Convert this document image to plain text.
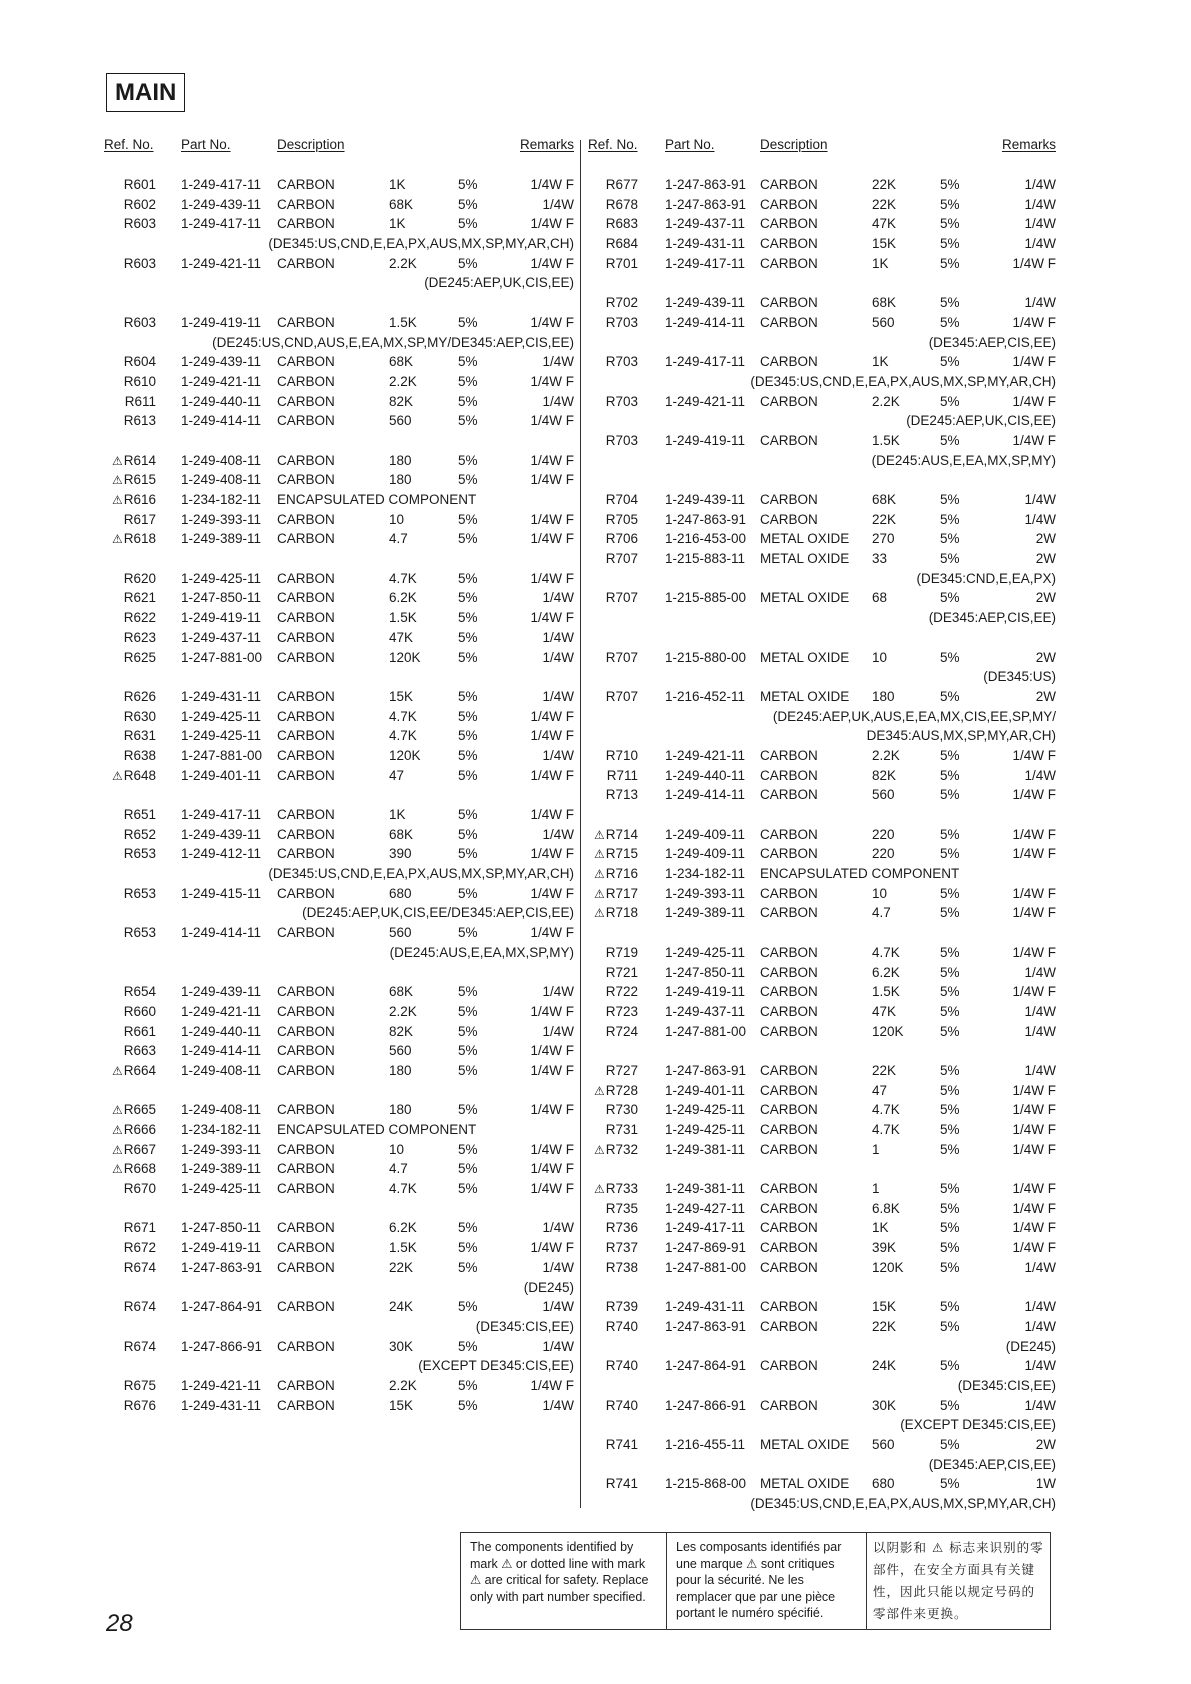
MAIN
Ref. No. Part No.	Description	Remarks
R601 1-249-417-11 CARBON	1K	5%	1/4W F
R602 1-249-439-11 CARBON	68K	5%	1/4W
R603 1-249-417-11 CARBON	1K	5%	1/4W F
(DE345:US,CND,E,EA,PX,AUS,MX,SP,MY,AR,CH)
R603 1-249-421-11 CARBON	2.2K	5%	1/4W F
(DE245:AEP,UK,CIS,EE)
R603 1-249-419-11 CARBON	1.5K	5%	1/4W F
(DE245:US,CND,AUS,E,EA,MX,SP,MY/DE345:AEP,CIS,EE)
R604 1-249-439-11 CARBON	68K	5%	1/4W
R610 1-249-421-11 CARBON	2.2K	5%	1/4W F
R611 1-249-440-11 CARBON	82K	5%	1/4W
R613 1-249-414-11 CARBON	560	5%	1/4W F
⚠R614 1-249-408-11 CARBON	180	5%	1/4W F
⚠R615 1-249-408-11 CARBON	180	5%	1/4W F
⚠R616 1-234-182-11 ENCAPSULATED COMPONENT
R617 1-249-393-11 CARBON	10	5%	1/4W F
⚠R618 1-249-389-11 CARBON	4.7	5%	1/4W F
R620 1-249-425-11 CARBON	4.7K	5%	1/4W F
R621 1-247-850-11 CARBON	6.2K	5%	1/4W
R622 1-249-419-11 CARBON	1.5K	5%	1/4W F
R623 1-249-437-11 CARBON	47K	5%	1/4W
R625 1-247-881-00 CARBON	120K	5%	1/4W
R626 1-249-431-11 CARBON	15K	5%	1/4W
R630 1-249-425-11 CARBON	4.7K	5%	1/4W F
R631 1-249-425-11 CARBON	4.7K	5%	1/4W F
R638 1-247-881-00 CARBON	120K	5%	1/4W
⚠R648 1-249-401-11 CARBON	47	5%	1/4W F
R651 1-249-417-11 CARBON	1K	5%	1/4W F
R652 1-249-439-11 CARBON	68K	5%	1/4W
R653 1-249-412-11 CARBON	390	5%	1/4W F
(DE345:US,CND,E,EA,PX,AUS,MX,SP,MY,AR,CH)
R653 1-249-415-11 CARBON	680	5%	1/4W F
(DE245:AEP,UK,CIS,EE/DE345:AEP,CIS,EE)
R653 1-249-414-11 CARBON	560	5%	1/4W F
(DE245:AUS,E,EA,MX,SP,MY)
R654 1-249-439-11 CARBON	68K	5%	1/4W
R660 1-249-421-11 CARBON	2.2K	5%	1/4W F
R661 1-249-440-11 CARBON	82K	5%	1/4W
R663 1-249-414-11 CARBON	560	5%	1/4W F
⚠R664 1-249-408-11 CARBON	180	5%	1/4W F
⚠R665 1-249-408-11 CARBON	180	5%	1/4W F
⚠R666 1-234-182-11 ENCAPSULATED COMPONENT
⚠R667 1-249-393-11 CARBON	10	5%	1/4W F
⚠R668 1-249-389-11 CARBON	4.7	5%	1/4W F
R670 1-249-425-11 CARBON	4.7K	5%	1/4W F
R671 1-247-850-11 CARBON	6.2K	5%	1/4W
R672 1-249-419-11 CARBON	1.5K	5%	1/4W F
R674 1-247-863-91 CARBON	22K	5%	1/4W
(DE245)
R674 1-247-864-91 CARBON	24K	5%	1/4W
(DE345:CIS,EE)
R674 1-247-866-91 CARBON	30K	5%	1/4W
(EXCEPT DE345:CIS,EE)
R675 1-249-421-11 CARBON	2.2K	5%	1/4W F
R676 1-249-431-11 CARBON	15K	5%	1/4W
Ref. No. Part No.	Description	Remarks
R677 1-247-863-91 CARBON	22K	5%	1/4W
R678 1-247-863-91 CARBON	22K	5%	1/4W
R683 1-249-437-11 CARBON	47K	5%	1/4W
R684 1-249-431-11 CARBON	15K	5%	1/4W
R701 1-249-417-11 CARBON	1K	5%	1/4W F
R702 1-249-439-11 CARBON	68K	5%	1/4W
R703 1-249-414-11 CARBON	560	5%	1/4W F
(DE345:AEP,CIS,EE)
R703 1-249-417-11 CARBON	1K	5%	1/4W F
(DE345:US,CND,E,EA,PX,AUS,MX,SP,MY,AR,CH)
R703 1-249-421-11 CARBON	2.2K	5%	1/4W F
(DE245:AEP,UK,CIS,EE)
R703 1-249-419-11 CARBON	1.5K	5%	1/4W F
(DE245:AUS,E,EA,MX,SP,MY)
R704 1-249-439-11 CARBON	68K	5%	1/4W
R705 1-247-863-91 CARBON	22K	5%	1/4W
R706 1-216-453-00 METAL OXIDE 270	5%	2W
R707 1-215-883-11 METAL OXIDE 33	5%	2W
(DE345:CND,E,EA,PX)
R707 1-215-885-00 METAL OXIDE 68	5%	2W
(DE345:AEP,CIS,EE)
R707 1-215-880-00 METAL OXIDE 10	5%	2W
(DE345:US)
R707 1-216-452-11 METAL OXIDE 180	5%	2W
(DE245:AEP,UK,AUS,E,EA,MX,CIS,EE,SP,MY/
DE345:AUS,MX,SP,MY,AR,CH)
R710 1-249-421-11 CARBON	2.2K	5%	1/4W F
R711 1-249-440-11 CARBON	82K	5%	1/4W
R713 1-249-414-11 CARBON	560	5%	1/4W F
⚠R714 1-249-409-11 CARBON	220	5%	1/4W F
⚠R715 1-249-409-11 CARBON	220	5%	1/4W F
⚠R716 1-234-182-11 ENCAPSULATED COMPONENT
⚠R717 1-249-393-11 CARBON	10	5%	1/4W F
⚠R718 1-249-389-11 CARBON	4.7	5%	1/4W F
R719 1-249-425-11 CARBON	4.7K	5%	1/4W F
R721 1-247-850-11 CARBON	6.2K	5%	1/4W
R722 1-249-419-11 CARBON	1.5K	5%	1/4W F
R723 1-249-437-11 CARBON	47K	5%	1/4W
R724 1-247-881-00 CARBON	120K	5%	1/4W
R727 1-247-863-91 CARBON	22K	5%	1/4W
⚠R728 1-249-401-11 CARBON	47	5%	1/4W F
R730 1-249-425-11 CARBON	4.7K	5%	1/4W F
R731 1-249-425-11 CARBON	4.7K	5%	1/4W F
⚠R732 1-249-381-11 CARBON	1	5%	1/4W F
⚠R733 1-249-381-11 CARBON	1	5%	1/4W F
R735 1-249-427-11 CARBON	6.8K	5%	1/4W F
R736 1-249-417-11 CARBON	1K	5%	1/4W F
R737 1-247-869-91 CARBON	39K	5%	1/4W F
R738 1-247-881-00 CARBON	120K	5%	1/4W
R739 1-249-431-11 CARBON	15K	5%	1/4W
R740 1-247-863-91 CARBON	22K	5%	1/4W
(DE245)
R740 1-247-864-91 CARBON	24K	5%	1/4W
(DE345:CIS,EE)
R740 1-247-866-91 CARBON	30K	5%	1/4W
(EXCEPT DE345:CIS,EE)
R741 1-216-455-11 METAL OXIDE 560	5%	2W
(DE345:AEP,CIS,EE)
R741 1-215-868-00 METAL OXIDE 680	5%	1W
(DE345:US,CND,E,EA,PX,AUS,MX,SP,MY,AR,CH)
The components identified by mark ⚠ or dotted line with mark ⚠ are critical for safety. Replace only with part number specified.
Les composants identifiés par une marque ⚠ sont critiques pour la sécurité. Ne les remplacer que par une pièce portant le numéro spécifié.
以阴影和 ⚠ 标志来识别的零部件，在安全方面具有关键性，因此只能以规定号码的零部件来更换。
28
